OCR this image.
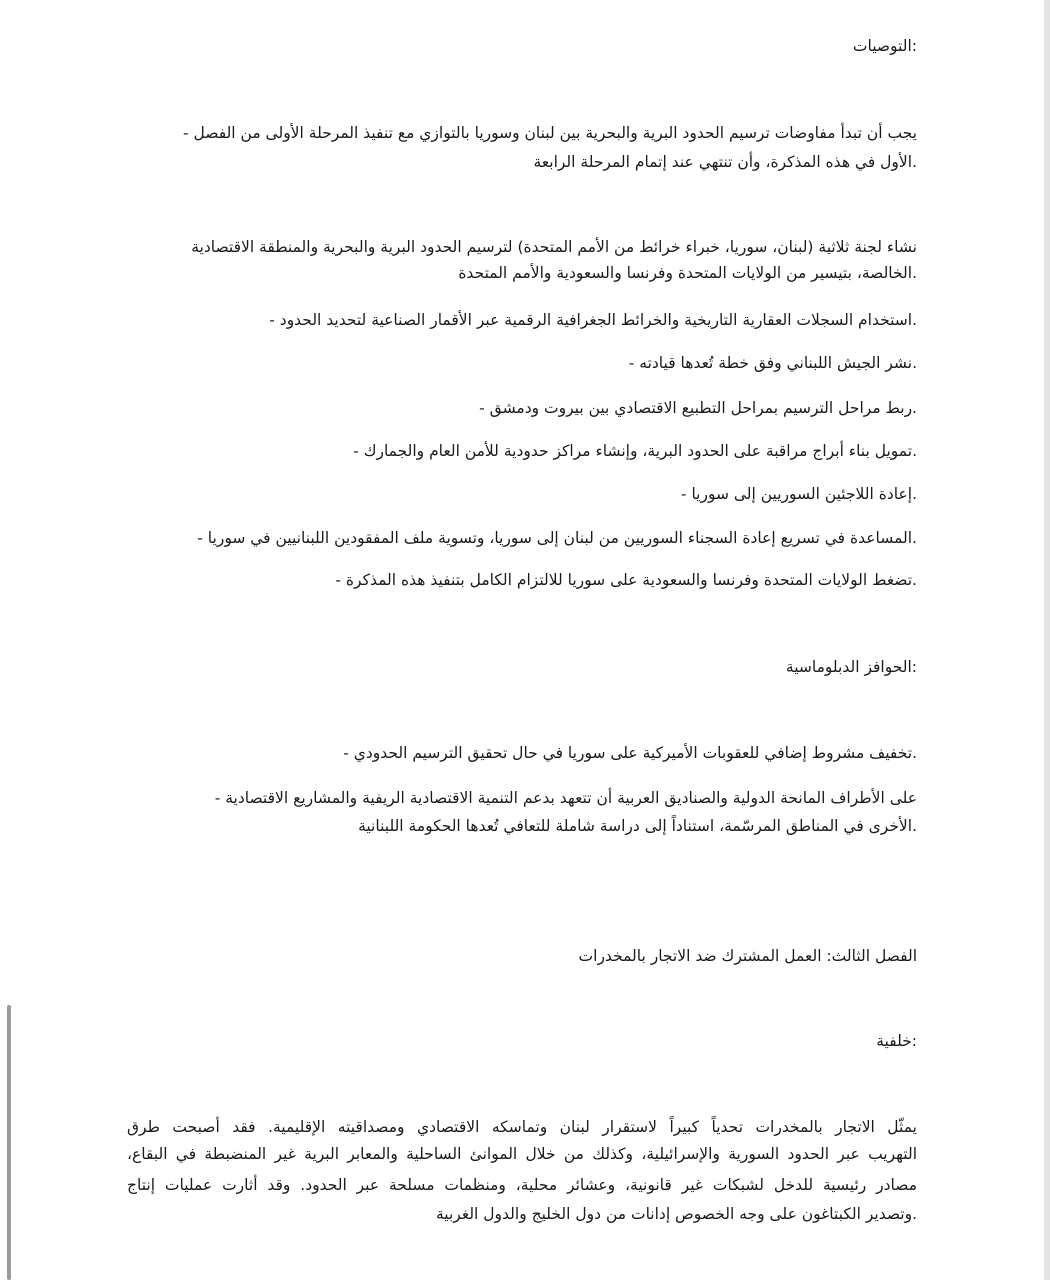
:التوصيات

يجب أن تبدأ مفاوضات ترسيم الحدود البرية والبحرية بين لبنان وسوريا بالتوازي مع تنفيذ المرحلة الأولى من الفصل -

.الأول في هذه المذكرة، وأن تنتهي عند إتمام المرحلة الرابعة

نشاء لجنة ثلاثية (لبنان، سوريا، خبراء خرائط من الأمم المتحدة) لترسيم الحدود البرية والبحرية والمنطقة الاقتصادية

.الخالصة، بتيسير من الولايات المتحدة وفرنسا والسعودية والأمم المتحدة

.استخدام السجلات العقارية التاريخية والخرائط الجغرافية الرقمية عبر الأقمار الصناعية لتحديد الحدود -

.نشر الجيش اللبناني وفق خطة تُعدها قيادته -

.ربط مراحل الترسيم بمراحل التطبيع الاقتصادي بين بيروت ودمشق -

.تمويل بناء أبراج مراقبة على الحدود البرية، وإنشاء مراكز حدودية للأمن العام والجمارك -

.إعادة اللاجئين السوريين إلى سوريا -

.المساعدة في تسريع إعادة السجناء السوريين من لبنان إلى سوريا، وتسوية ملف المفقودين اللبنانيين في سوريا -

.تضغط الولايات المتحدة وفرنسا والسعودية على سوريا للالتزام الكامل بتنفيذ هذه المذكرة -

:الحوافز الدبلوماسية

.تخفيف مشروط إضافي للعقوبات الأميركية على سوريا في حال تحقيق الترسيم الحدودي -

على الأطراف المانحة الدولية والصناديق العربية أن تتعهد بدعم التنمية الاقتصادية الريفية والمشاريع الاقتصادية -

.الأخرى في المناطق المرسّمة، استناداً إلى دراسة شاملة للتعافي تُعدها الحكومة اللبنانية

الفصل الثالث: العمل المشترك ضد الاتجار بالمخدرات

:خلفية

يمثّل الاتجار بالمخدرات تحدياً كبيراً لاستقرار لبنان وتماسكه الاقتصادي ومصداقيته الإقليمية. فقد أصبحت طرق

التهريب عبر الحدود السورية والإسرائيلية، وكذلك من خلال الموانئ الساحلية والمعابر البرية غير المنضبطة في البقاع،

مصادر رئيسية للدخل لشبكات غير قانونية، وعشائر محلية، ومنظمات مسلحة عبر الحدود. وقد أثارت عمليات إنتاج

.وتصدير الكبتاغون على وجه الخصوص إدانات من دول الخليج والدول الغربية
